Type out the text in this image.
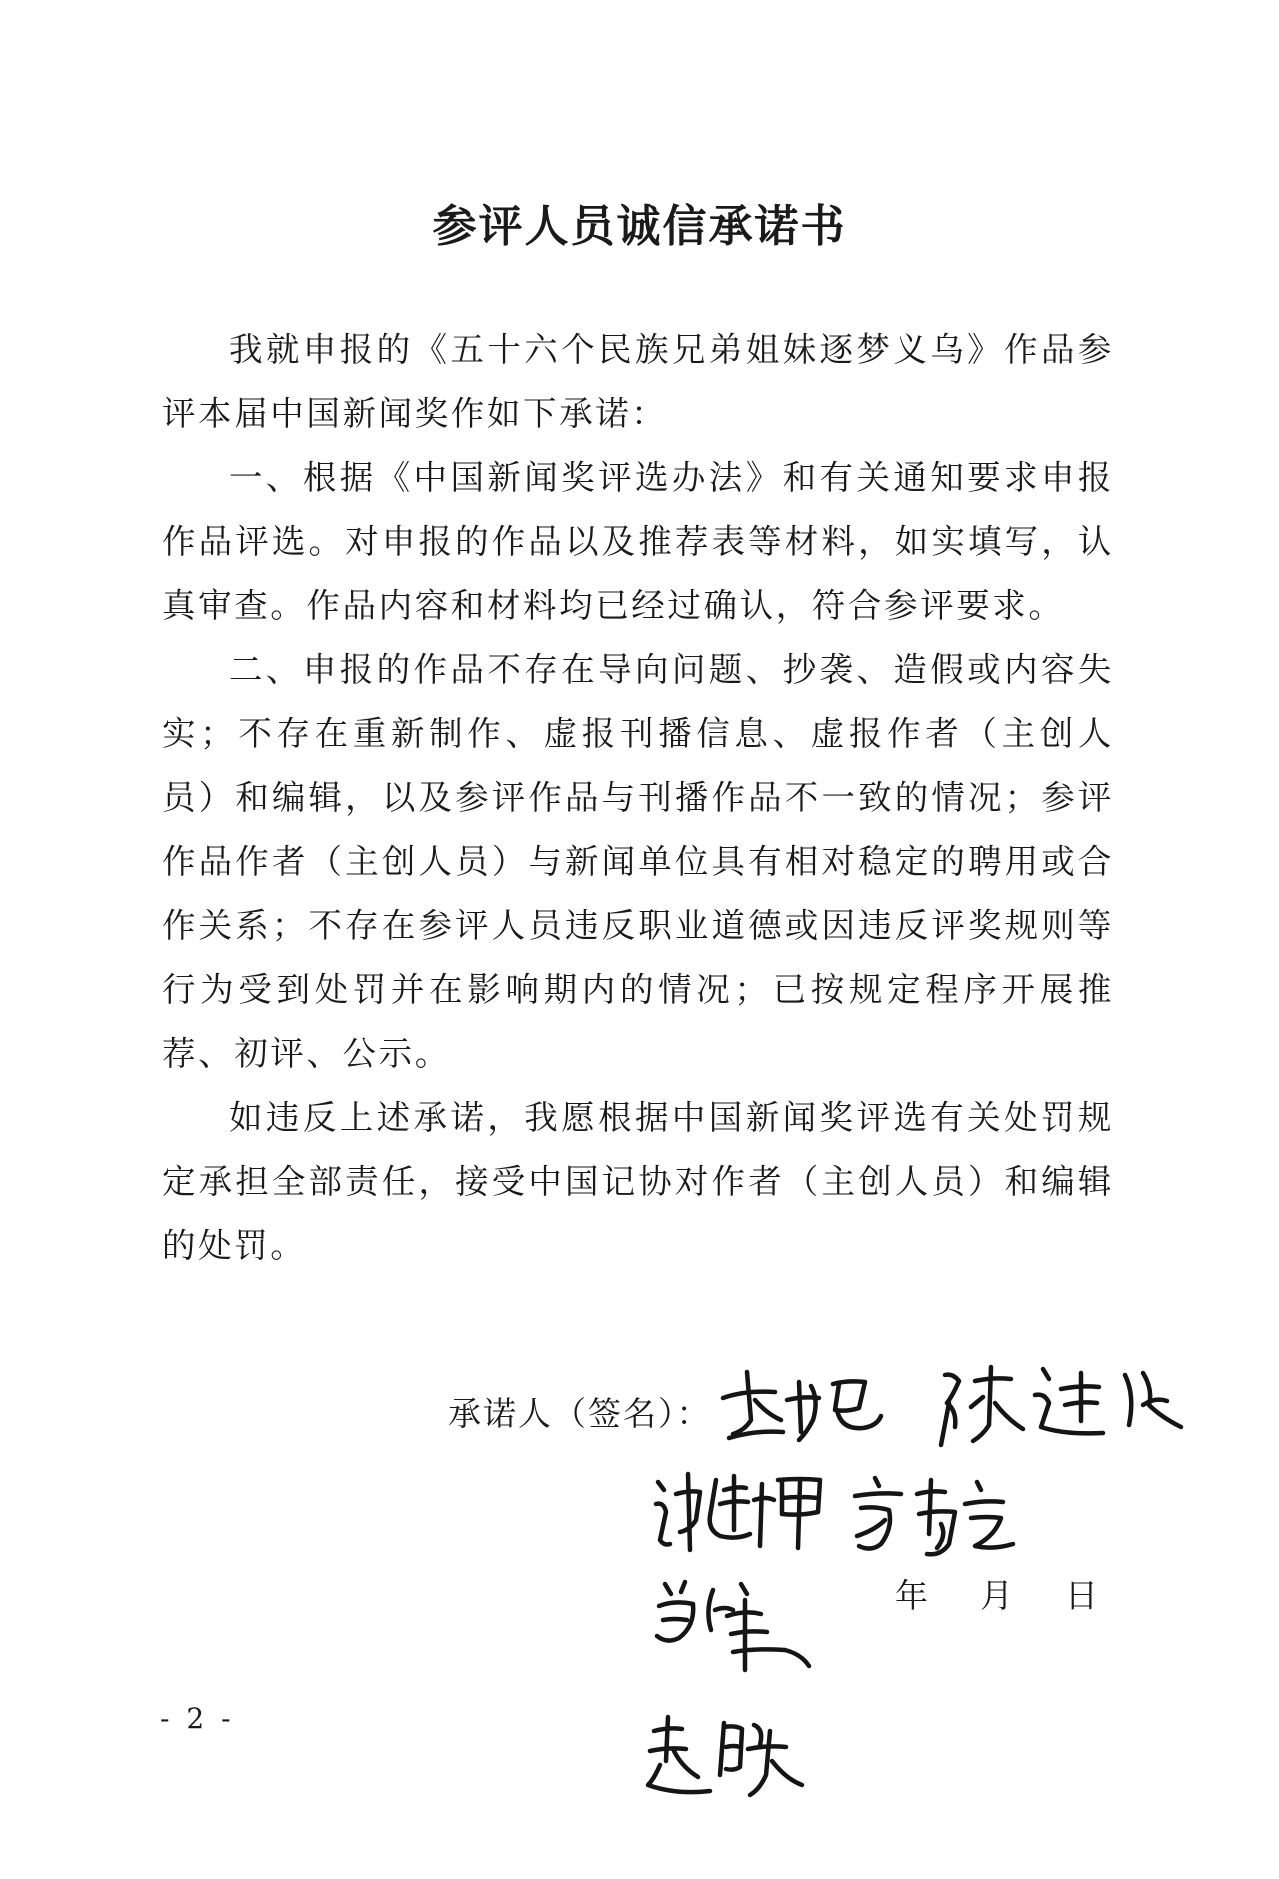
参评人员诚信承诺书

我就申报的《五十六个民族兄弟姐妹逐梦义乌》作品参评本届中国新闻奖作如下承诺：

一、根据《中国新闻奖评选办法》和有关通知要求申报作品评选。对申报的作品以及推荐表等材料，如实填写，认真审查。作品内容和材料均已经过确认，符合参评要求。

二、申报的作品不存在导向问题、抄袭、造假或内容失实；不存在重新制作、虚报刊播信息、虚报作者（主创人员）和编辑，以及参评作品与刊播作品不一致的情况；参评作品作者（主创人员）与新闻单位具有相对稳定的聘用或合作关系；不存在参评人员违反职业道德或因违反评奖规则等行为受到处罚并在影响期内的情况；已按规定程序开展推荐、初评、公示。

如违反上述承诺，我愿根据中国新闻奖评选有关处罚规定承担全部责任，接受中国记协对作者（主创人员）和编辑的处罚。

承诺人（签名）：
年 月 日
- 2 -
